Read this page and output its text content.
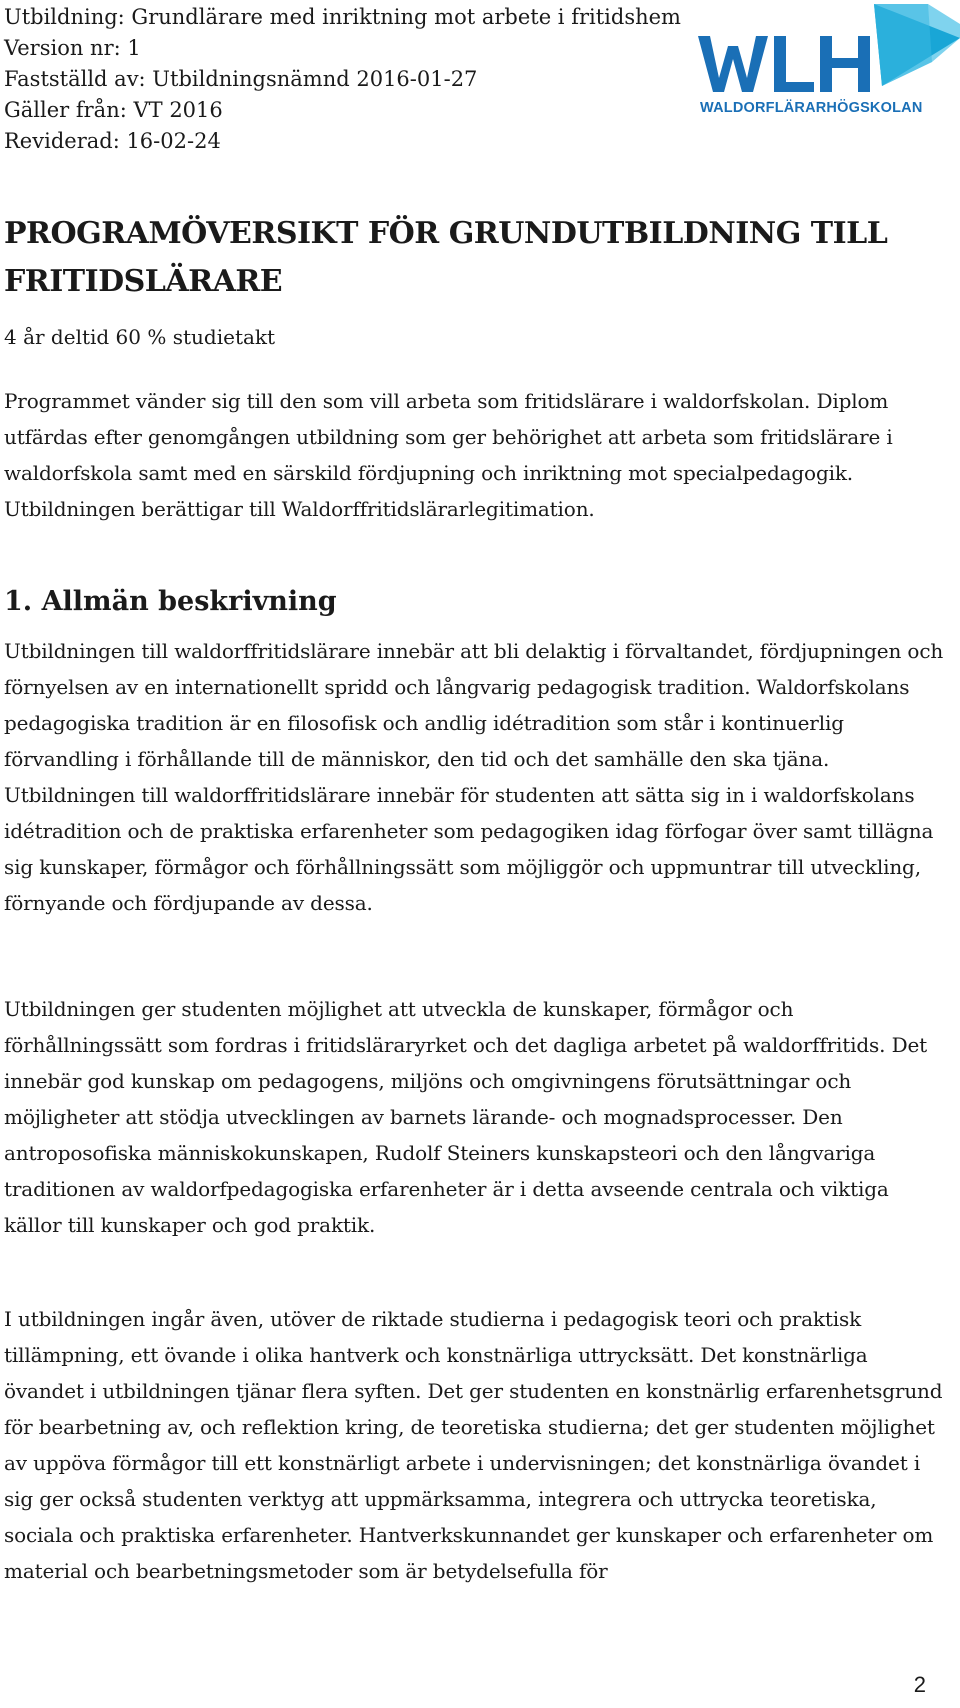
Utbildning: Grundlärare med inriktning mot arbete i fritidshem
Version nr: 1
Fastställd av: Utbildningsnämnd 2016-01-27
Gäller från: VT 2016
Reviderad: 16-02-24
WALDORFLÄRARHÖGSKOLAN
PROGRAMÖVERSIKT FÖR GRUNDUTBILDNING TILL
FRITIDSLÄRARE
4 år deltid 60 % studietakt

Programmet vänder sig till den som vill arbeta som fritidslärare i waldorfskolan. Diplom utfärdas efter genomgången utbildning som ger behörighet att arbeta som fritidslärare i waldorfskola samt med en särskild fördjupning och inriktning mot specialpedagogik. Utbildningen berättigar till Waldorffritidslärarlegitimation.

1. Allmän beskrivning

Utbildningen till waldorffritidslärare innebär att bli delaktig i förvaltandet, fördjupningen och förnyelsen av en internationellt spridd och långvarig pedagogisk tradition. Waldorfskolans pedagogiska tradition är en filosofisk och andlig idétradition som står i kontinuerlig förvandling i förhållande till de människor, den tid och det samhälle den ska tjäna. Utbildningen till waldorffritidslärare innebär för studenten att sätta sig in i waldorfskolans idétradition och de praktiska erfarenheter som pedagogiken idag förfogar över samt tillägna sig kunskaper, förmågor och förhållningssätt som möjliggör och uppmuntrar till utveckling, förnyande och fördjupande av dessa.

Utbildningen ger studenten möjlighet att utveckla de kunskaper, förmågor och förhållningssätt som fordras i fritidsläraryrket och det dagliga arbetet på waldorffritids. Det innebär god kunskap om pedagogens, miljöns och omgivningens förutsättningar och möjligheter att stödja utvecklingen av barnets lärande- och mognadsprocesser. Den antroposofiska människokunskapen, Rudolf Steiners kunskapsteori och den långvariga traditionen av waldorfpedagogiska erfarenheter är i detta avseende centrala och viktiga källor till kunskaper och god praktik.

I utbildningen ingår även, utöver de riktade studierna i pedagogisk teori och praktisk tillämpning, ett övande i olika hantverk och konstnärliga uttrycksätt. Det konstnärliga övandet i utbildningen tjänar flera syften. Det ger studenten en konstnärlig erfarenhetsgrund för bearbetning av, och reflektion kring, de teoretiska studierna; det ger studenten möjlighet av uppöva förmågor till ett konstnärligt arbete i undervisningen; det konstnärliga övandet i sig ger också studenten verktyg att uppmärksamma, integrera och uttrycka teoretiska, sociala och praktiska erfarenheter. Hantverkskunnandet ger kunskaper och erfarenheter om material och bearbetningsmetoder som är betydelsefulla för

2
